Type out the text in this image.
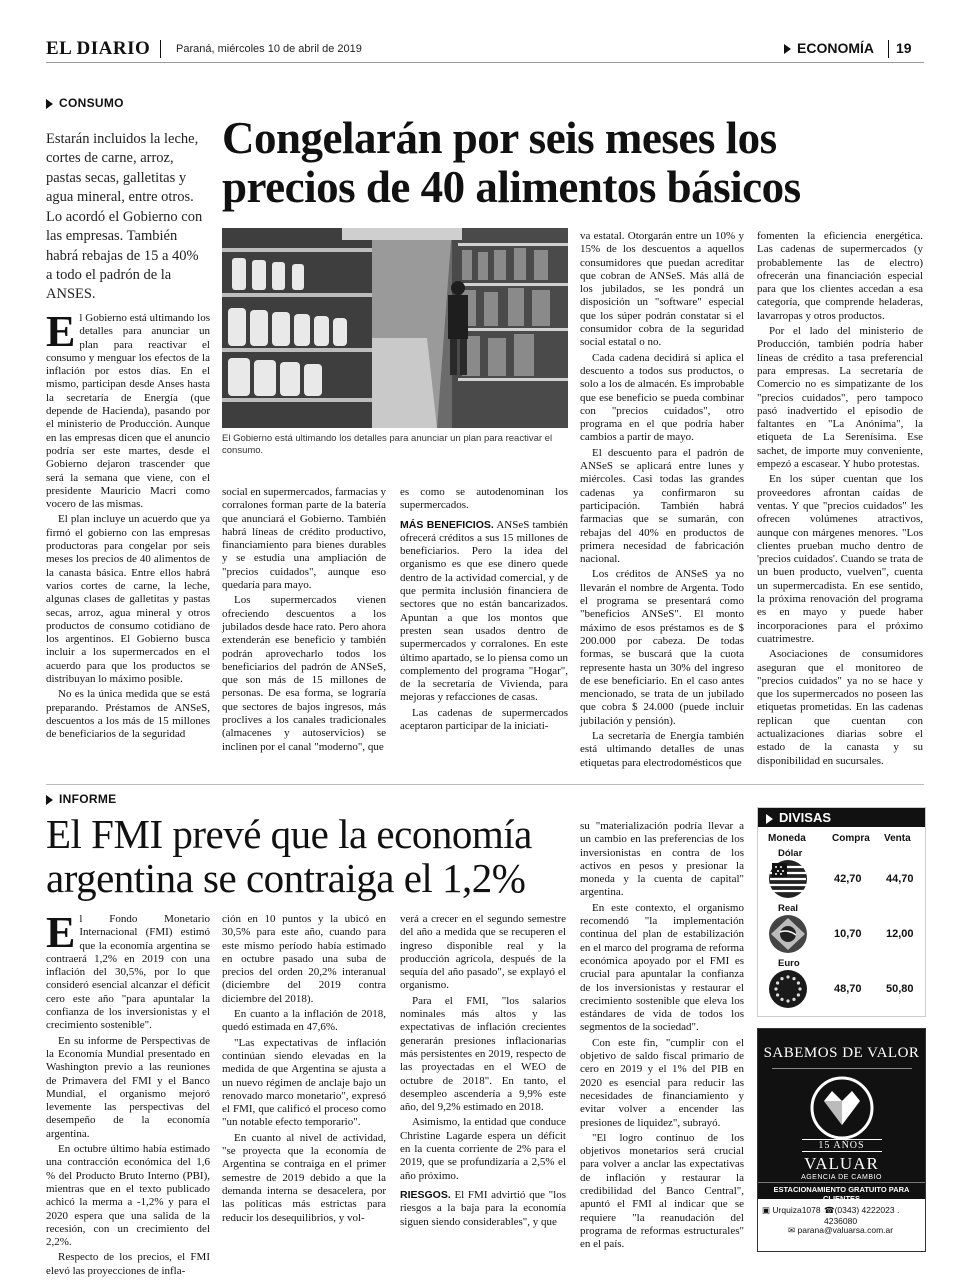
EL DIARIO Paraná, miércoles 10 de abril de 2019	ECONOMÍA 19
CONSUMO
Congelarán por seis meses los
precios de 40 alimentos básicos
Estarán incluidos la leche, cortes de carne, arroz, pastas secas, galletitas y agua mineral, entre otros. Lo acordó el Gobierno con las empresas. También habrá rebajas de 15 a 40% a todo el padrón de la ANSES.
El Gobierno está ultimando los detalles para anunciar un plan para reactivar el consumo.

El Gobierno está ultimando los detalles para anunciar un plan para reactivar el consumo y menguar los efectos de la inflación por estos días. En el mismo, participan desde Anses hasta la secretaría de Energía (que depende de Hacienda), pasando por el ministerio de Producción. Aunque en las empresas dicen que el anuncio podría ser este martes, desde el Gobierno dejaron trascender que será la semana que viene, con el presidente Mauricio Macri como vocero de las mismas.

El plan incluye un acuerdo que ya firmó el gobierno con las empresas productoras para congelar por seis meses los precios de 40 alimentos de la canasta básica. Entre ellos habrá varios cortes de carne, la leche, algunas clases de galletitas y pastas secas, arroz, agua mineral y otros productos de consumo cotidiano de los argentinos. El Gobierno busca incluir a los supermercados en el acuerdo para que los productos se distribuyan lo máximo posible.

No es la única medida que se está preparando. Préstamos de ANSeS, descuentos a los más de 15 millones de beneficiarios de la seguridad

social en supermercados, farmacias y corralones forman parte de la batería que anunciará el Gobierno. También habrá líneas de crédito productivo, financiamiento para bienes durables y se estudia una ampliación de "precios cuidados", aunque eso quedaría para mayo.

Los supermercados vienen ofreciendo descuentos a los jubilados desde hace rato. Pero ahora extenderán ese beneficio y también podrán aprovecharlo todos los beneficiarios del padrón de ANSeS, que son más de 15 millones de personas. De esa forma, se lograría que sectores de bajos ingresos, más proclives a los canales tradicionales (almacenes y autoservicios) se inclinen por el canal "moderno", que

es como se autodenominan los supermercados.

MÁS BENEFICIOS. ANSeS también ofrecerá créditos a sus 15 millones de beneficiarios. Pero la idea del organismo es que ese dinero quede dentro de la actividad comercial, y de que permita inclusión financiera de sectores que no están bancarizados. Apuntan a que los montos que presten sean usados dentro de supermercados y corralones. En este último apartado, se lo piensa como un complemento del programa "Hogar", de la secretaría de Vivienda, para mejoras y refacciones de casas.

Las cadenas de supermercados aceptaron participar de la iniciati-

va estatal. Otorgarán entre un 10% y 15% de los descuentos a aquellos consumidores que puedan acreditar que cobran de ANSeS. Más allá de los jubilados, se les pondrá un disposición un "software" especial que los súper podrán constatar si el consumidor cobra de la seguridad social estatal o no.

Cada cadena decidirá si aplica el descuento a todos sus productos, o solo a los de almacén. Es improbable que ese beneficio se pueda combinar con "precios cuidados", otro programa en el que podría haber cambios a partir de mayo.

El descuento para el padrón de ANSeS se aplicará entre lunes y miércoles. Casi todas las grandes cadenas ya confirmaron su participación. También habrá farmacias que se sumarán, con rebajas del 40% en productos de primera necesidad de fabricación nacional.

Los créditos de ANSeS ya no llevarán el nombre de Argenta. Todo el programa se presentará como "beneficios ANSeS". El monto máximo de esos préstamos es de $ 200.000 por cabeza. De todas formas, se buscará que la cuota represente hasta un 30% del ingreso de ese beneficiario. En el caso antes mencionado, se trata de un jubilado que cobra $ 24.000 (puede incluir jubilación y pensión).

La secretaría de Energía también está ultimando detalles de unas etiquetas para electrodomésticos que

fomenten la eficiencia energética. Las cadenas de supermercados (y probablemente las de electro) ofrecerán una financiación especial para que los clientes accedan a esa categoría, que comprende heladeras, lavarropas y otros productos.

Por el lado del ministerio de Producción, también podría haber líneas de crédito a tasa preferencial para empresas. La secretaría de Comercio no es simpatizante de los "precios cuidados", pero tampoco pasó inadvertido el episodio de faltantes en "La Anónima", la etiqueta de La Serenísima. Ese sachet, de importe muy conveniente, empezó a escasear. Y hubo protestas.

En los súper cuentan que los proveedores afrontan caídas de ventas. Y que "precios cuidados" les ofrecen volúmenes atractivos, aunque con márgenes menores. "Los clientes prueban mucho dentro de 'precios cuidados'. Cuando se trata de un buen producto, vuelven", cuenta un supermercadista. En ese sentido, la próxima renovación del programa es en mayo y puede haber incorporaciones para el próximo cuatrimestre.

Asociaciones de consumidores aseguran que el monitoreo de "precios cuidados" ya no se hace y que los supermercados no poseen las etiquetas prometidas. En las cadenas replican que cuentan con actualizaciones diarias sobre el estado de la canasta y su disponibilidad en sucursales.

INFORME
El FMI prevé que la economía
argentina se contraiga el 1,2%

El Fondo Monetario Internacional (FMI) estimó que la economía argentina se contraerá 1,2% en 2019 con una inflación del 30,5%, por lo que consideró esencial alcanzar el déficit cero este año "para apuntalar la confianza de los inversionistas y el crecimiento sostenible".

En su informe de Perspectivas de la Economía Mundial presentado en Washington previo a las reuniones de Primavera del FMI y el Banco Mundial, el organismo mejoró levemente las perspectivas del desempeño de la economía argentina.

En octubre último había estimado una contracción económica del 1,6 % del Producto Bruto Interno (PBI), mientras que en el texto publicado achicó la merma a -1,2% y para el 2020 espera que una salida de la recesión, con un crecimiento del 2,2%.

Respecto de los precios, el FMI elevó las proyecciones de infla-

ción en 10 puntos y la ubicó en 30,5% para este año, cuando para este mismo período había estimado en octubre pasado una suba de precios del orden 20,2% interanual (diciembre del 2019 contra diciembre del 2018).

En cuanto a la inflación de 2018, quedó estimada en 47,6%.

"Las expectativas de inflación continúan siendo elevadas en la medida de que Argentina se ajusta a un nuevo régimen de anclaje bajo un renovado marco monetario", expresó el FMI, que calificó el proceso como "un notable efecto temporario".

En cuanto al nivel de actividad, "se proyecta que la economía de Argentina se contraiga en el primer semestre de 2019 debido a que la demanda interna se desacelera, por las políticas más estrictas para reducir los desequilibrios, y vol-

verá a crecer en el segundo semestre del año a medida que se recuperen el ingreso disponible real y la producción agrícola, después de la sequía del año pasado", se explayó el organismo.

Para el FMI, "los salarios nominales más altos y las expectativas de inflación crecientes generarán presiones inflacionarias más persistentes en 2019, respecto de las proyectadas en el WEO de octubre de 2018". En tanto, el desempleo ascendería a 9,9% este año, del 9,2% estimado en 2018.

Asimismo, la entidad que conduce Christine Lagarde espera un déficit en la cuenta corriente de 2% para el 2019, que se profundizaría a 2,5% el año próximo.

RIESGOS. El FMI advirtió que "los riesgos a la baja para la economía siguen siendo considerables", y que

su "materialización podría llevar a un cambio en las preferencias de los inversionistas en contra de los activos en pesos y presionar la moneda y la cuenta de capital" argentina.

En este contexto, el organismo recomendó "la implementación continua del plan de estabilización en el marco del programa de reforma económica apoyado por el FMI es crucial para apuntalar la confianza de los inversionistas y restaurar el crecimiento sostenible que eleva los estándares de vida de todos los segmentos de la sociedad".

Con este fin, "cumplir con el objetivo de saldo fiscal primario de cero en 2019 y el 1% del PIB en 2020 es esencial para reducir las necesidades de financiamiento y evitar volver a encender las presiones de liquidez", subrayó.

"El logro continuo de los objetivos monetarios será crucial para volver a anclar las expectativas de inflación y restaurar la credibilidad del Banco Central", apuntó el FMI al indicar que se requiere "la reanudación del programa de reformas estructurales" en el país.

DIVISAS
Moneda	Compra Venta
Dólar
42,70 44,70
Real
10,70 12,00
Euro
48,70 50,80
SABEMOS DE VALOR
15 AÑOS
VALUAR
AGENCIA DE CAMBIO
ESTACIONAMIENTO GRATUITO PARA
▣ Urquiza1078 ☎(0343) 4222023 . 4236080
✉ parana@valuarsa.com.ar
